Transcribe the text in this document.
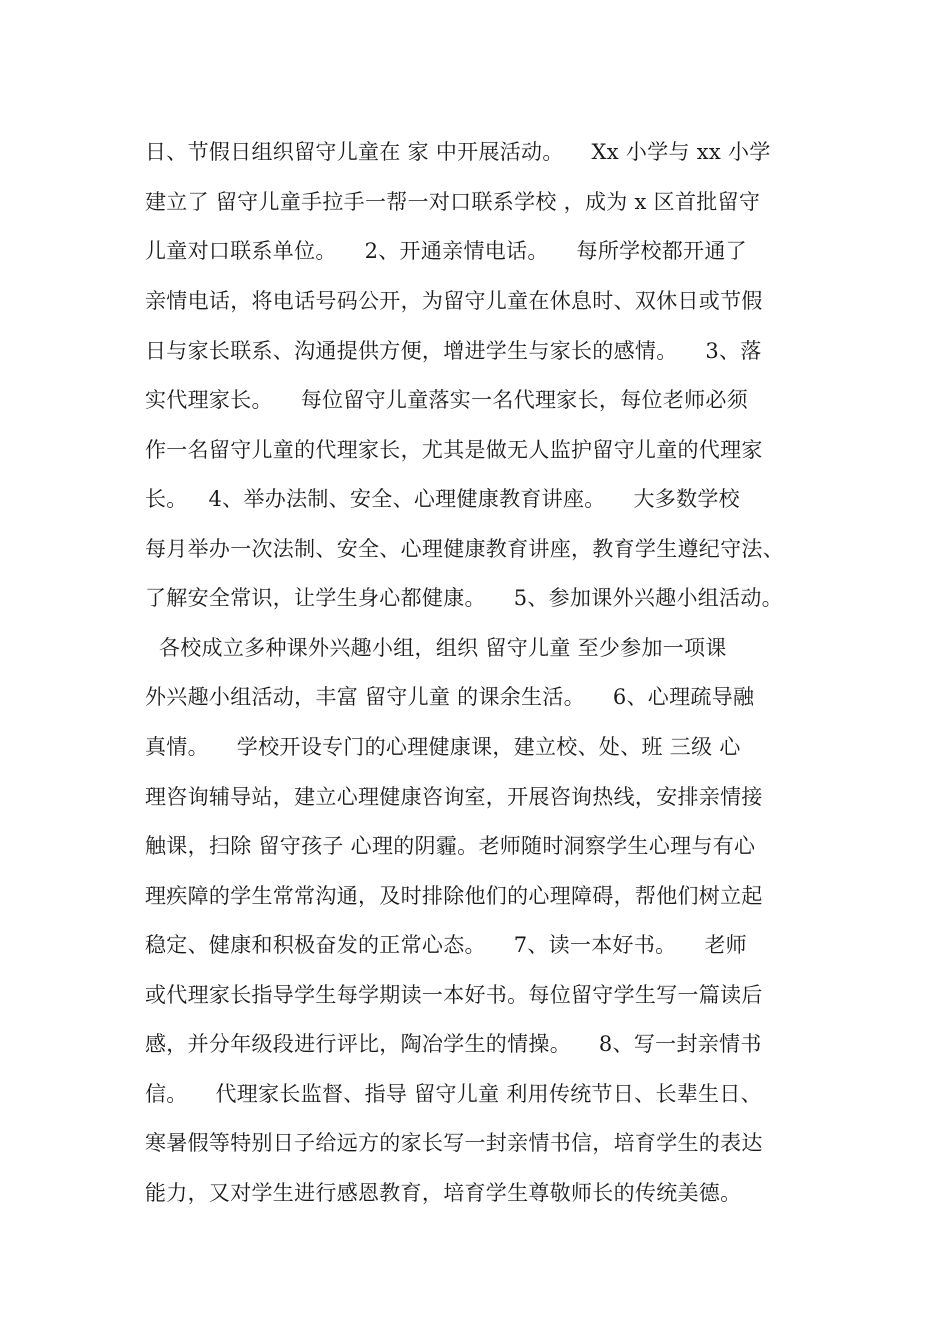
日、节假日组织留守儿童在 家 中开展活动。    Xx 小学与 xx 小学
建立了 留守儿童手拉手一帮一对口联系学校 ，成为 x 区首批留守
儿童对口联系单位。    2、开通亲情电话。    每所学校都开通了
亲情电话，将电话号码公开，为留守儿童在休息时、双休日或节假
日与家长联系、沟通提供方便，增进学生与家长的感情。    3、落
实代理家长。    每位留守儿童落实一名代理家长，每位老师必须
作一名留守儿童的代理家长，尤其是做无人监护留守儿童的代理家
长。   4、举办法制、安全、心理健康教育讲座。    大多数学校
每月举办一次法制、安全、心理健康教育讲座，教育学生遵纪守法、
了解安全常识，让学生身心都健康。    5、参加课外兴趣小组活动。
各校成立多种课外兴趣小组，组织 留守儿童 至少参加一项课
外兴趣小组活动，丰富 留守儿童 的课余生活。    6、心理疏导融
真情。    学校开设专门的心理健康课，建立校、处、班 三级 心
理咨询辅导站，建立心理健康咨询室，开展咨询热线，安排亲情接
触课，扫除 留守孩子 心理的阴霾。老师随时洞察学生心理与有心
理疾障的学生常常沟通，及时排除他们的心理障碍，帮他们树立起
稳定、健康和积极奋发的正常心态。    7、读一本好书。    老师
或代理家长指导学生每学期读一本好书。每位留守学生写一篇读后
感，并分年级段进行评比，陶冶学生的情操。    8、写一封亲情书
信。    代理家长监督、指导 留守儿童 利用传统节日、长辈生日、
寒暑假等特别日子给远方的家长写一封亲情书信，培育学生的表达
能力，又对学生进行感恩教育，培育学生尊敬师长的传统美德。
